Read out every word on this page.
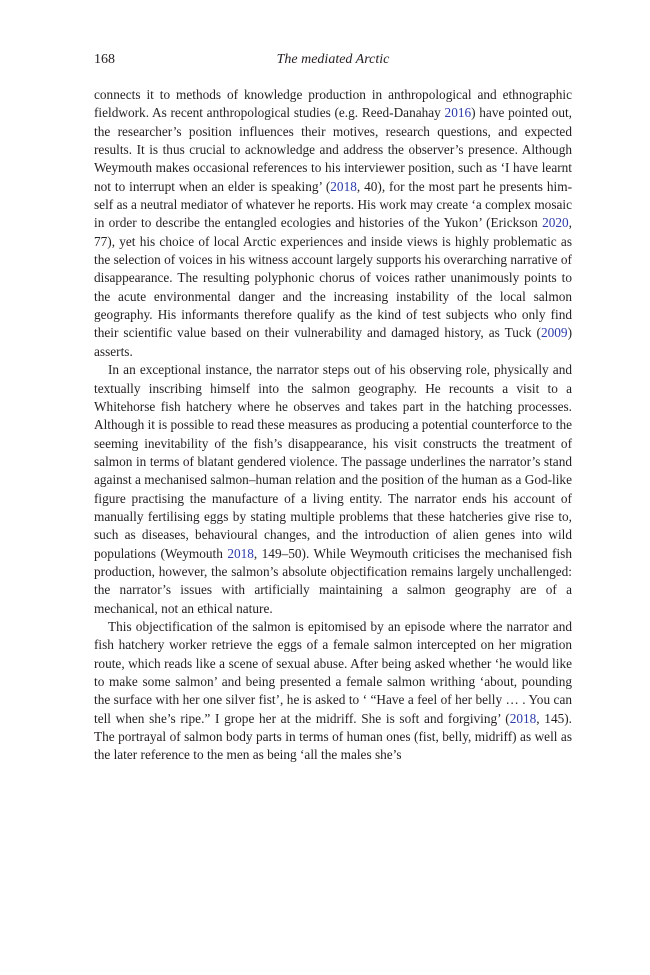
168	The mediated Arctic

connects it to methods of knowledge production in anthropological and ethnographic fieldwork. As recent anthropological studies (e.g. Reed-Danahay 2016) have pointed out, the researcher’s position influences their motives, research questions, and expected results. It is thus crucial to acknowledge and address the observer’s presence. Although Weymouth makes occasional references to his interviewer position, such as ‘I have learnt not to interrupt when an elder is speaking’ (2018, 40), for the most part he presents himself as a neutral mediator of whatever he reports. His work may create ‘a complex mosaic in order to describe the entangled ecologies and histories of the Yukon’ (Erickson 2020, 77), yet his choice of local Arctic experiences and inside views is highly problematic as the selection of voices in his witness account largely supports his overarching narrative of disappearance. The resulting polyphonic chorus of voices rather unanimously points to the acute environmental danger and the increasing instability of the local salmon geography. His informants therefore qualify as the kind of test subjects who only find their scientific value based on their vulnerability and damaged history, as Tuck (2009) asserts.

In an exceptional instance, the narrator steps out of his observing role, physically and textually inscribing himself into the salmon geography. He recounts a visit to a Whitehorse fish hatchery where he observes and takes part in the hatching processes. Although it is possible to read these measures as producing a potential counterforce to the seeming inevitability of the fish’s disappearance, his visit constructs the treatment of salmon in terms of blatant gendered violence. The passage underlines the narrator’s stand against a mechanised salmon–human relation and the position of the human as a God-like figure practising the manufacture of a living entity. The narrator ends his account of manually fertilising eggs by stating multiple problems that these hatcheries give rise to, such as diseases, behavioural changes, and the introduction of alien genes into wild populations (Weymouth 2018, 149–50). While Weymouth criticises the mechanised fish production, however, the salmon’s absolute objectification remains largely unchallenged: the narrator’s issues with artificially maintaining a salmon geography are of a mechanical, not an ethical nature.

This objectification of the salmon is epitomised by an episode where the narrator and fish hatchery worker retrieve the eggs of a female salmon intercepted on her migration route, which reads like a scene of sexual abuse. After being asked whether ‘he would like to make some salmon’ and being presented a female salmon writhing ‘about, pounding the surface with her one silver fist’, he is asked to ‘ “Have a feel of her belly … . You can tell when she’s ripe.” I grope her at the midriff. She is soft and forgiving’ (2018, 145). The portrayal of salmon body parts in terms of human ones (fist, belly, midriff) as well as the later reference to the men as being ‘all the males she’s
